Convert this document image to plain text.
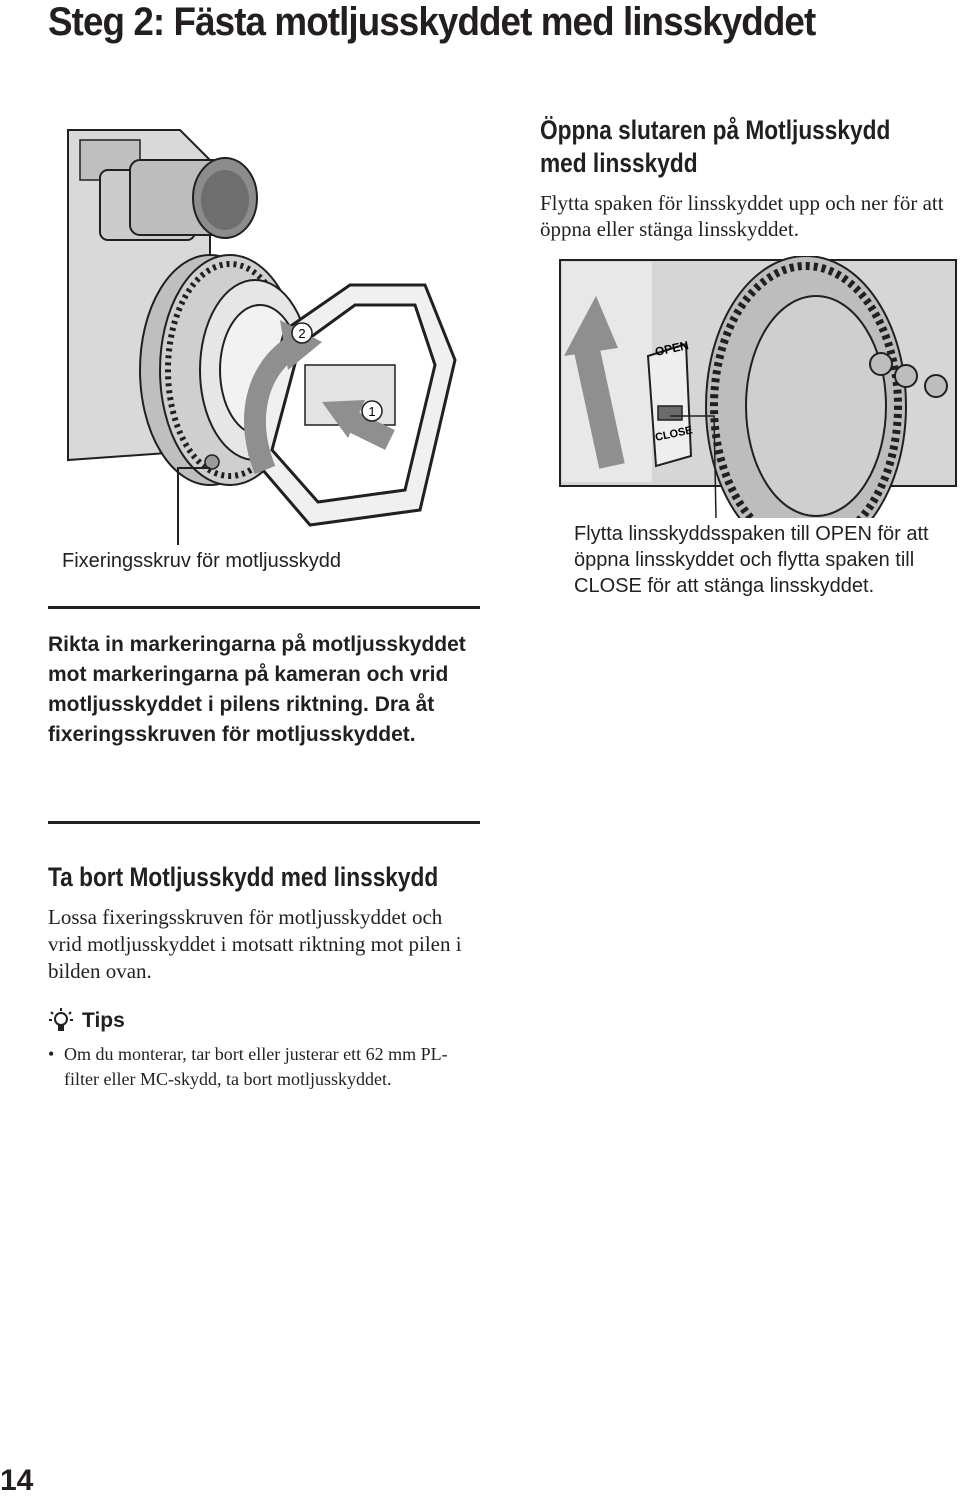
Steg 2: Fästa motljusskyddet med linsskyddet
2
1
Fixeringsskruv för motljusskydd
Öppna slutaren på Motljusskydd med linsskydd
Flytta spaken för linsskyddet upp och ner för att öppna eller stänga linsskyddet.
OPEN
CLOSE
Flytta linsskyddsspaken till OPEN för att öppna linsskyddet och flytta spaken till CLOSE för att stänga linsskyddet.
Rikta in markeringarna på motljusskyddet mot markeringarna på kameran och vrid motljusskyddet i pilens riktning. Dra åt fixeringsskruven för motljusskyddet.
Ta bort Motljusskydd med linsskydd
Lossa fixeringsskruven för motljusskyddet och vrid motljusskyddet i motsatt riktning mot pilen i bilden ovan.
Tips
• Om du monterar, tar bort eller justerar ett 62 mm PL-filter eller MC-skydd, ta bort motljusskyddet.
14
